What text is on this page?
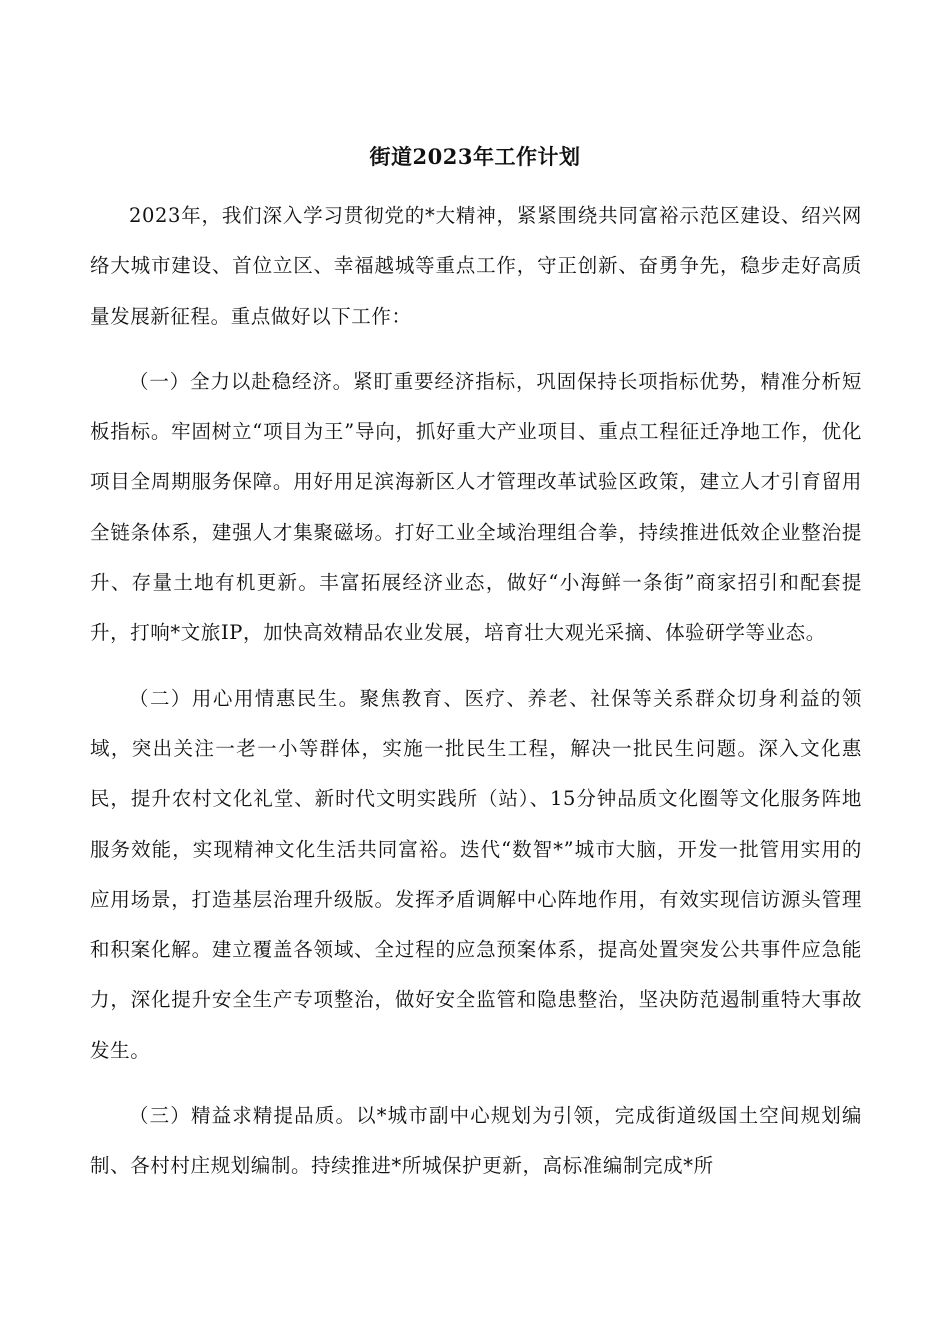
街道2023年工作计划

2023年，我们深入学习贯彻党的*大精神，紧紧围绕共同富裕示范区建设、绍兴网络大城市建设、首位立区、幸福越城等重点工作，守正创新、奋勇争先，稳步走好高质量发展新征程。重点做好以下工作：

（一）全力以赴稳经济。紧盯重要经济指标，巩固保持长项指标优势，精准分析短板指标。牢固树立“项目为王”导向，抓好重大产业项目、重点工程征迁净地工作，优化项目全周期服务保障。用好用足滨海新区人才管理改革试验区政策，建立人才引育留用全链条体系，建强人才集聚磁场。打好工业全域治理组合拳，持续推进低效企业整治提升、存量土地有机更新。丰富拓展经济业态，做好“小海鲜一条街”商家招引和配套提升，打响*文旅IP，加快高效精品农业发展，培育壮大观光采摘、体验研学等业态。

（二）用心用情惠民生。聚焦教育、医疗、养老、社保等关系群众切身利益的领域，突出关注一老一小等群体，实施一批民生工程，解决一批民生问题。深入文化惠民，提升农村文化礼堂、新时代文明实践所（站）、15分钟品质文化圈等文化服务阵地服务效能，实现精神文化生活共同富裕。迭代“数智*”城市大脑，开发一批管用实用的应用场景，打造基层治理升级版。发挥矛盾调解中心阵地作用，有效实现信访源头管理和积案化解。建立覆盖各领域、全过程的应急预案体系，提高处置突发公共事件应急能力，深化提升安全生产专项整治，做好安全监管和隐患整治，坚决防范遏制重特大事故发生。

（三）精益求精提品质。以*城市副中心规划为引领，完成街道级国土空间规划编制、各村村庄规划编制。持续推进*所城保护更新，高标准编制完成*所
